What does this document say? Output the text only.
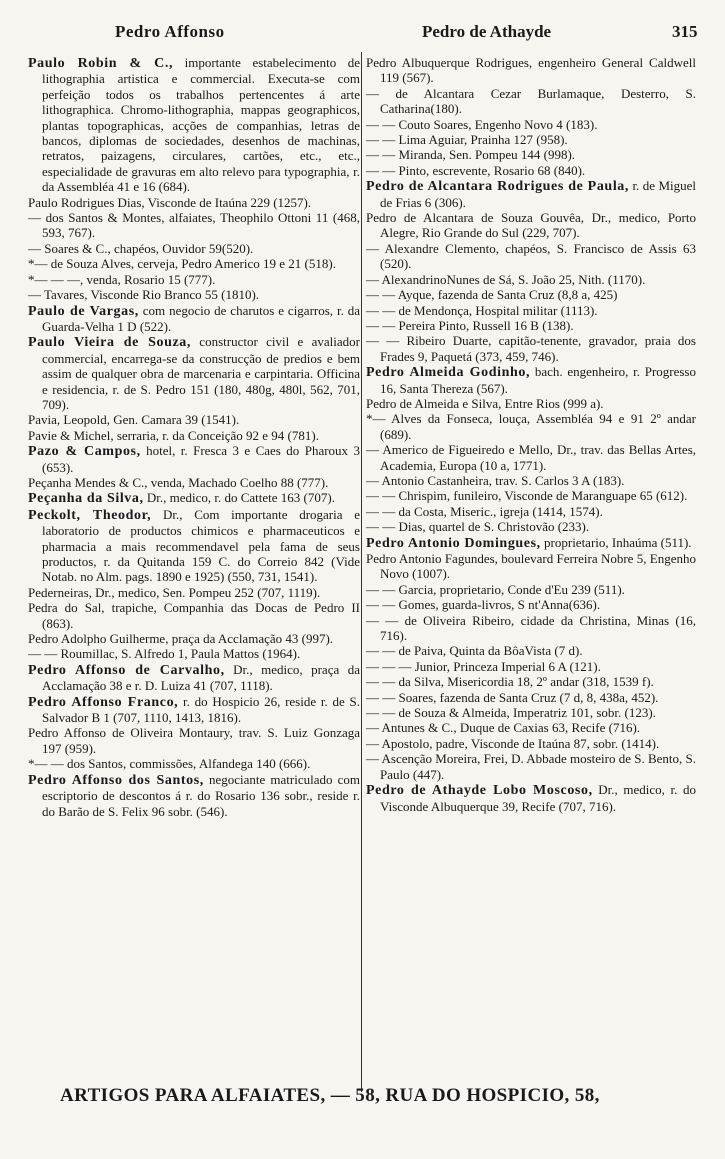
Pedro Affonso	Pedro de Athayde	315

Paulo Robin & C., importante estabelecimento de lithographia artistica e commercial. Executa-se com perfeição todos os trabalhos pertencentes á arte lithographica. Chromo-lithographia, mappas geographicos, plantas topographicas, acções de companhias, letras de bancos, diplomas de sociedades, desenhos de machinas, retratos, paizagens, circulares, cartões, etc., etc., especialidade de gravuras em alto relevo para typographia, r. da Assembléa 41 e 16 (684).

Paulo Rodrigues Dias, Visconde de Itaúna 229 (1257).

— dos Santos & Montes, alfaiates, Theophilo Ottoni 11 (468, 593, 767).

— Soares & C., chapéos, Ouvidor 59(520).

*— de Souza Alves, cerveja, Pedro Americo 19 e 21 (518).

*— — —, venda, Rosario 15 (777).

— Tavares, Visconde Rio Branco 55 (1810).

Paulo de Vargas, com negocio de charutos e cigarros, r. da Guarda-Velha 1 D (522).

Paulo Vieira de Souza, constructor civil e avaliador commercial, encarrega-se da construcção de predios e bem assim de qualquer obra de marcenaria e carpintaria. Officina e residencia, r. de S. Pedro 151 (180, 480g, 480l, 562, 701, 709).

Pavia, Leopold, Gen. Camara 39 (1541).

Pavie & Michel, serraria, r. da Conceição 92 e 94 (781).

Pazo & Campos, hotel, r. Fresca 3 e Caes do Pharoux 3 (653).

Peçanha Mendes & C., venda, Machado Coelho 88 (777).

Peçanha da Silva, Dr., medico, r. do Cattete 163 (707).

Peckolt, Theodor, Dr., Com importante drogaria e laboratorio de productos chimicos e pharmaceuticos e pharmacia a mais recommendavel pela fama de seus productos, r. da Quitanda 159 C. do Correio 842 (Vide Notab. no Alm. pags. 1890 e 1925) (550, 731, 1541).

Pederneiras, Dr., medico, Sen. Pompeu 252 (707, 1119).

Pedra do Sal, trapiche, Companhia das Docas de Pedro II (863).

Pedro Adolpho Guilherme, praça da Acclamação 43 (997).

— — Roumillac, S. Alfredo 1, Paula Mattos (1964).

Pedro Affonso de Carvalho, Dr., medico, praça da Acclamação 38 e r. D. Luiza 41 (707, 1118).

Pedro Affonso Franco, r. do Hospicio 26, reside r. de S. Salvador B 1 (707, 1110, 1413, 1816).

Pedro Affonso de Oliveira Montaury, trav. S. Luiz Gonzaga 197 (959).

*— — dos Santos, commissões, Alfandega 140 (666).

Pedro Affonso dos Santos, negociante matriculado com escriptorio de descontos á r. do Rosario 136 sobr., reside r. do Barão de S. Felix 96 sobr. (546).

Pedro Albuquerque Rodrigues, engenheiro General Caldwell 119 (567).

— de Alcantara Cezar Burlamaque, Desterro, S. Catharina(180).

— — Couto Soares, Engenho Novo 4 (183).

— — Lima Aguiar, Prainha 127 (958).

— — Miranda, Sen. Pompeu 144 (998).

— — Pinto, escrevente, Rosario 68 (840).

Pedro de Alcantara Rodrigues de Paula, r. de Miguel de Frias 6 (306).

Pedro de Alcantara de Souza Gouvêa, Dr., medico, Porto Alegre, Rio Grande do Sul (229, 707).

— Alexandre Clemento, chapéos, S. Francisco de Assis 63 (520).

— AlexandrinoNunes de Sá, S. João 25, Nith. (1170).

— — Ayque, fazenda de Santa Cruz (8,8 a, 425)

— — de Mendonça, Hospital militar (1113).

— — Pereira Pinto, Russell 16 B (138).

— — Ribeiro Duarte, capitão-tenente, gravador, praia dos Frades 9, Paquetá (373, 459, 746).

Pedro Almeida Godinho, bach. engenheiro, r. Progresso 16, Santa Thereza (567).

Pedro de Almeida e Silva, Entre Rios (999 a).

*— Alves da Fonseca, louça, Assembléa 94 e 91 2º andar (689).

— Americo de Figueiredo e Mello, Dr., trav. das Bellas Artes, Academia, Europa (10 a, 1771).

— Antonio Castanheira, trav. S. Carlos 3 A (183).

— — Chrispim, funileiro, Visconde de Maranguape 65 (612).

— — da Costa, Miseric., igreja (1414, 1574).

— — Dias, quartel de S. Christovão (233).

Pedro Antonio Domingues, proprietario, Inhaúma (511).

Pedro Antonio Fagundes, boulevard Ferreira Nobre 5, Engenho Novo (1007).

— — Garcia, proprietario, Conde d'Eu 239 (511).

— — Gomes, guarda-livros, S nt'Anna(636).

— — de Oliveira Ribeiro, cidade da Christina, Minas (16, 716).

— — de Paiva, Quinta da BôaVista (7 d).

— — — Junior, Princeza Imperial 6 A (121).

— — da Silva, Misericordia 18, 2º andar (318, 1539 f).

— — Soares, fazenda de Santa Cruz (7 d, 8, 438a, 452).

— — de Souza & Almeida, Imperatriz 101, sobr. (123).

— Antunes & C., Duque de Caxias 63, Recife (716).

— Apostolo, padre, Visconde de Itaúna 87, sobr. (1414).

— Ascenção Moreira, Frei, D. Abbade mosteiro de S. Bento, S. Paulo (447).

Pedro de Athayde Lobo Moscoso, Dr., medico, r. do Visconde Albuquerque 39, Recife (707, 716).

ARTIGOS PARA ALFAIATES, — 58, RUA DO HOSPICIO, 58,
